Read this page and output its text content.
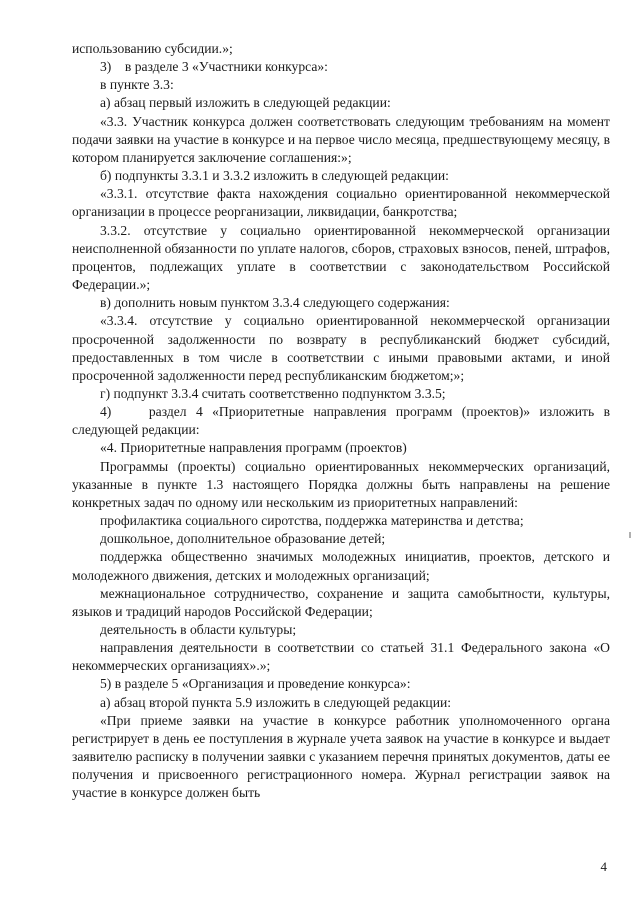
использованию субсидии.»;

3)    в разделе 3 «Участники конкурса»:

в пункте 3.3:

а) абзац первый изложить в следующей редакции:

«3.3. Участник конкурса должен соответствовать следующим требованиям на момент подачи заявки на участие в конкурсе и на первое число месяца, предшествующему месяцу, в котором планируется заключение соглашения:»;

б) подпункты 3.3.1 и 3.3.2 изложить в следующей редакции:

«3.3.1. отсутствие факта нахождения социально ориентированной некоммерческой организации в процессе реорганизации, ликвидации, банкротства;

3.3.2. отсутствие у социально ориентированной некоммерческой организации неисполненной обязанности по уплате налогов, сборов, страховых взносов, пеней, штрафов, процентов, подлежащих уплате в соответствии с законодательством Российской Федерации.»;

в) дополнить новым пунктом 3.3.4 следующего содержания:

«3.3.4. отсутствие у социально ориентированной некоммерческой организации просроченной задолженности по возврату в республиканский бюджет субсидий, предоставленных в том числе в соответствии с иными правовыми актами, и иной просроченной задолженности перед республиканским бюджетом;»;

г) подпункт 3.3.4 считать соответственно подпунктом 3.3.5;

4)    раздел 4 «Приоритетные направления программ (проектов)» изложить в следующей редакции:

«4. Приоритетные направления программ (проектов)

Программы (проекты) социально ориентированных некоммерческих организаций, указанные в пункте 1.3 настоящего Порядка должны быть направлены на решение конкретных задач по одному или нескольким из приоритетных направлений:

профилактика социального сиротства, поддержка материнства и детства;

дошкольное, дополнительное образование детей;

поддержка общественно значимых молодежных инициатив, проектов, детского и молодежного движения, детских и молодежных организаций;

межнациональное сотрудничество, сохранение и защита самобытности, культуры, языков и традиций народов Российской Федерации;

деятельность в области культуры;

направления деятельности в соответствии со статьей 31.1 Федерального закона «О некоммерческих организациях».»;

5) в разделе 5 «Организация и проведение конкурса»:

а) абзац второй пункта 5.9 изложить в следующей редакции:

«При приеме заявки на участие в конкурсе работник уполномоченного органа регистрирует в день ее поступления в журнале учета заявок на участие в конкурсе и выдает заявителю расписку в получении заявки с указанием перечня принятых документов, даты ее получения и присвоенного регистрационного номера. Журнал регистрации заявок на участие в конкурсе должен быть

4
